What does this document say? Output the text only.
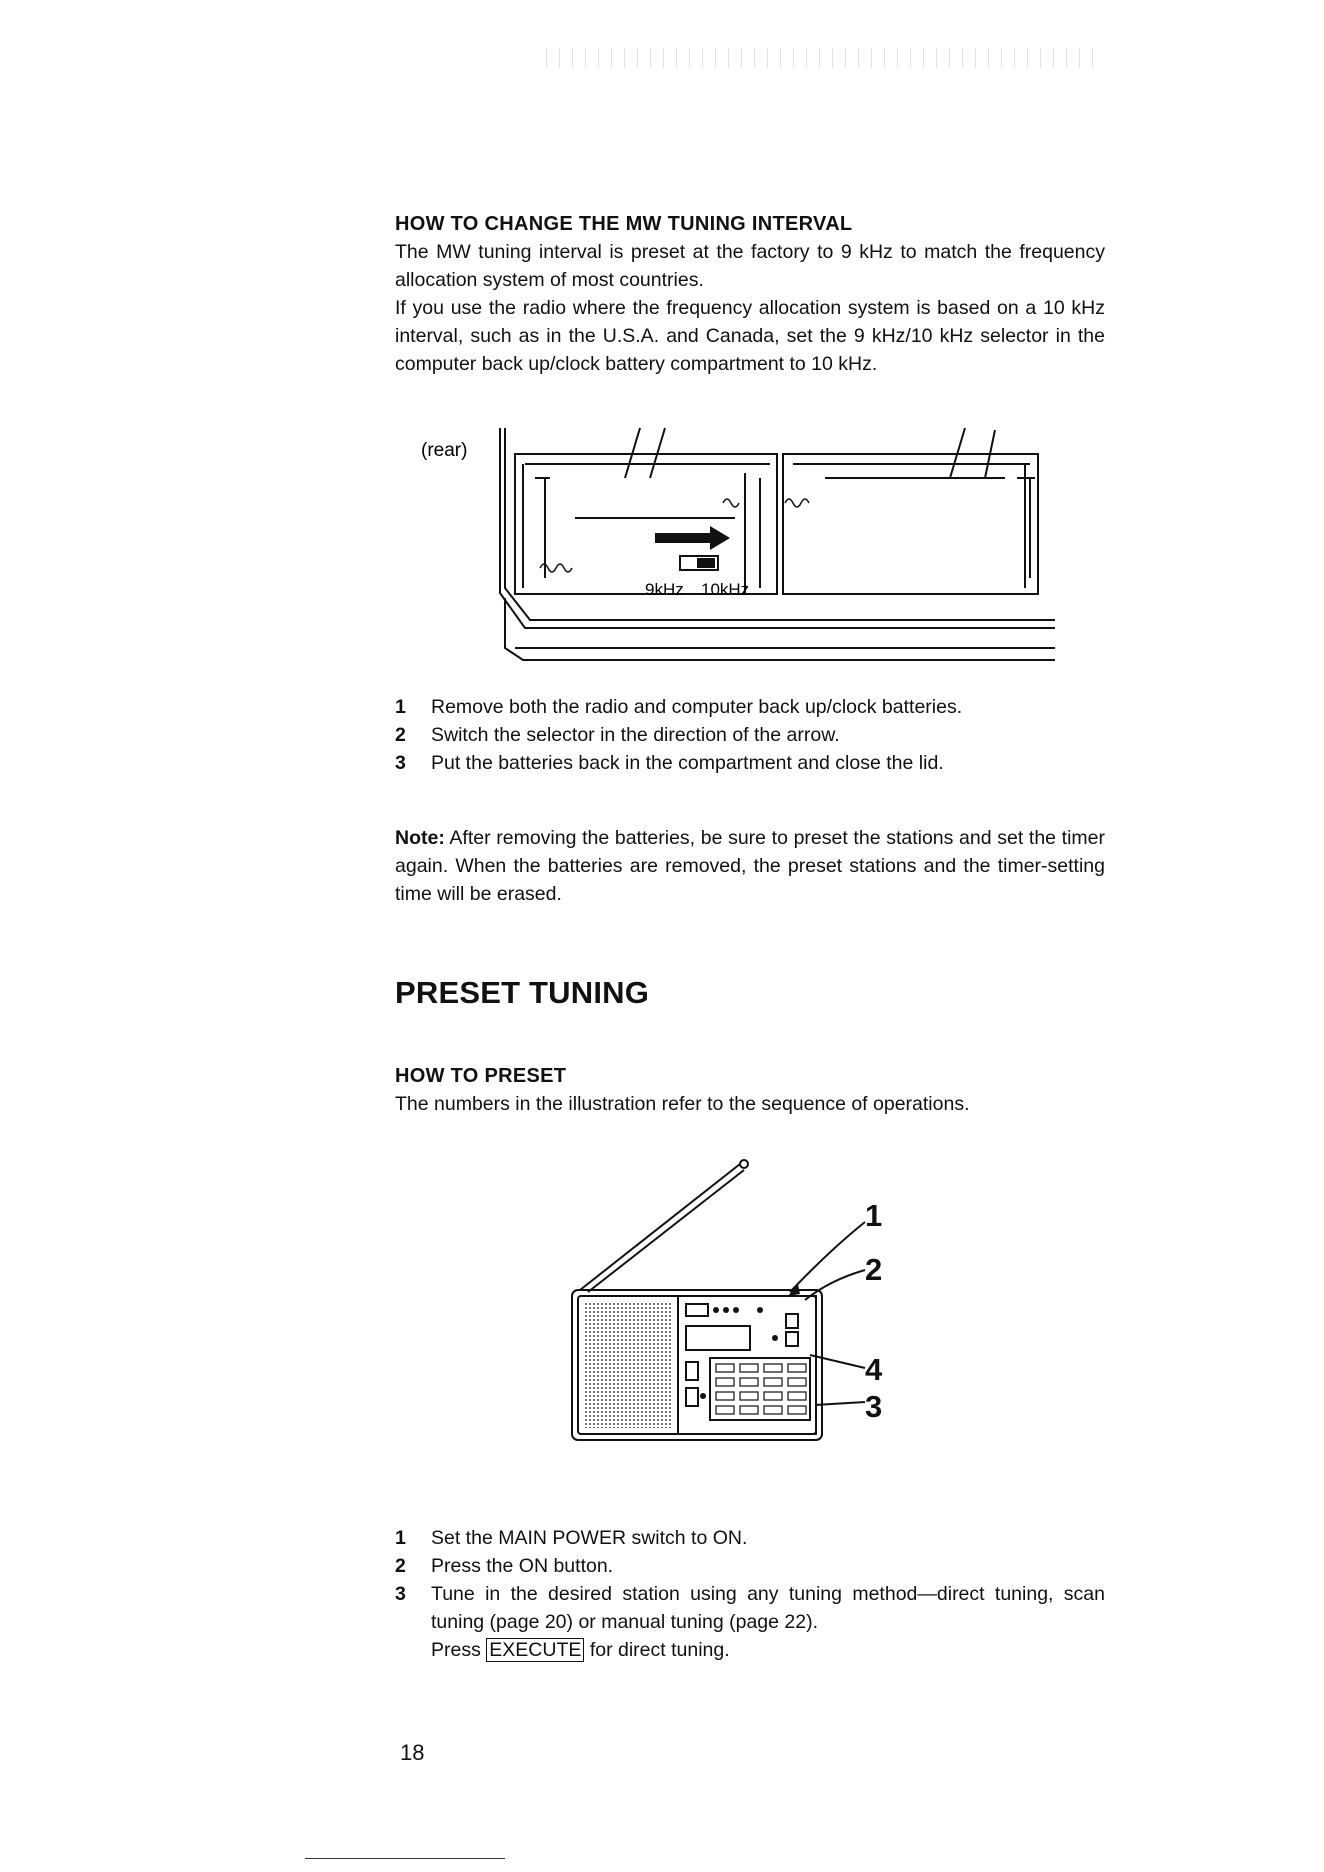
HOW TO CHANGE THE MW TUNING INTERVAL

The MW tuning interval is preset at the factory to 9 kHz to match the frequency allocation system of most countries.

If you use the radio where the frequency allocation system is based on a 10 kHz interval, such as in the U.S.A. and Canada, set the 9 kHz/10 kHz selector in the computer back up/clock battery compartment to 10 kHz.

(rear)
9kHz 10kHz
1 Remove both the radio and computer back up/clock batteries.
2 Switch the selector in the direction of the arrow.
3 Put the batteries back in the compartment and close the lid.

Note: After removing the batteries, be sure to preset the stations and set the timer again. When the batteries are removed, the preset stations and the timer-setting time will be erased.

PRESET TUNING
HOW TO PRESET

The numbers in the illustration refer to the sequence of operations.

1
2
4
3
1 Set the MAIN POWER switch to ON.
2 Press the ON button.
3 Tune in the desired station using any tuning method—direct tuning, scan tuning (page 20) or manual tuning (page 22).
Press EXECUTE for direct tuning.
18
